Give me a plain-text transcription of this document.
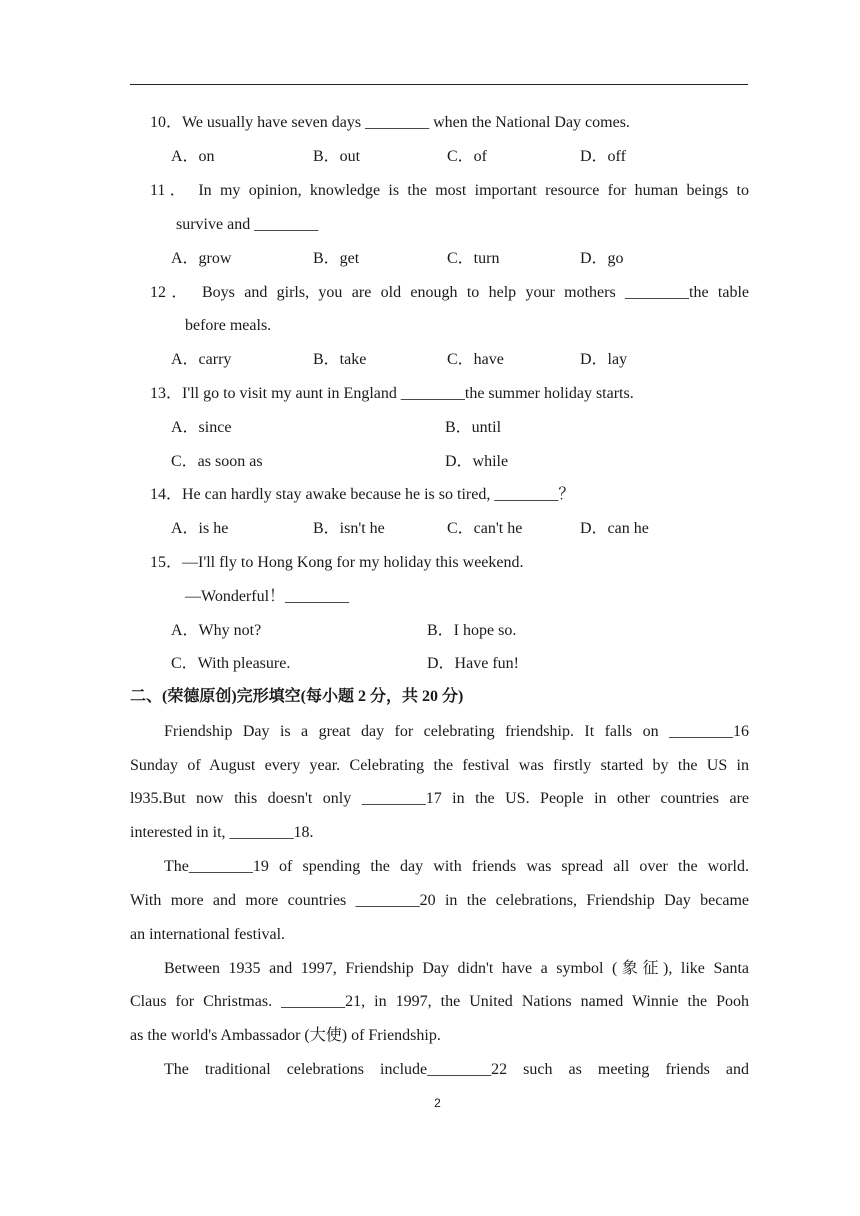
10．We usually have seven days ________ when the National Day comes.
A．on	B．out	C．of	D．off
11． In my opinion, knowledge is the most important resource for human beings to
survive and ________
A．grow	B．get	C．turn	D．go
12． Boys and girls, you are old enough to help your mothers ________the table
before meals.
A．carry	B．take	C．have	D．lay
13．I'll go to visit my aunt in England ________the summer holiday starts.
A．since	B．until
C．as soon as	D．while
14．He can hardly stay awake because he is so tired, ________？
A．is he	B．isn't he	C．can't he	D．can he
15．—I'll fly to Hong Kong for my holiday this weekend.
—Wonderful！________
A．Why not?	B．I hope so.
C．With pleasure.	D．Have fun!
二、(荣德原创)完形填空(每小题 2 分，共 20 分)
Friendship Day is a great day for celebrating friendship. It falls on ________16
Sunday of August every year. Celebrating the festival was firstly started by the US in
l935.But now this doesn't only ________17 in the US. People in other countries are
interested in it, ________18.
The________19 of spending the day with friends was spread all over the world.
With more and more countries ________20 in the celebrations, Friendship Day became
an international festival.
Between 1935 and 1997, Friendship Day didn't have a symbol (象征), like Santa
Claus for Christmas. ________21, in 1997, the United Nations named Winnie the Pooh
as the world's Ambassador (大使) of Friendship.
The traditional celebrations include________22 such as meeting friends and
2
